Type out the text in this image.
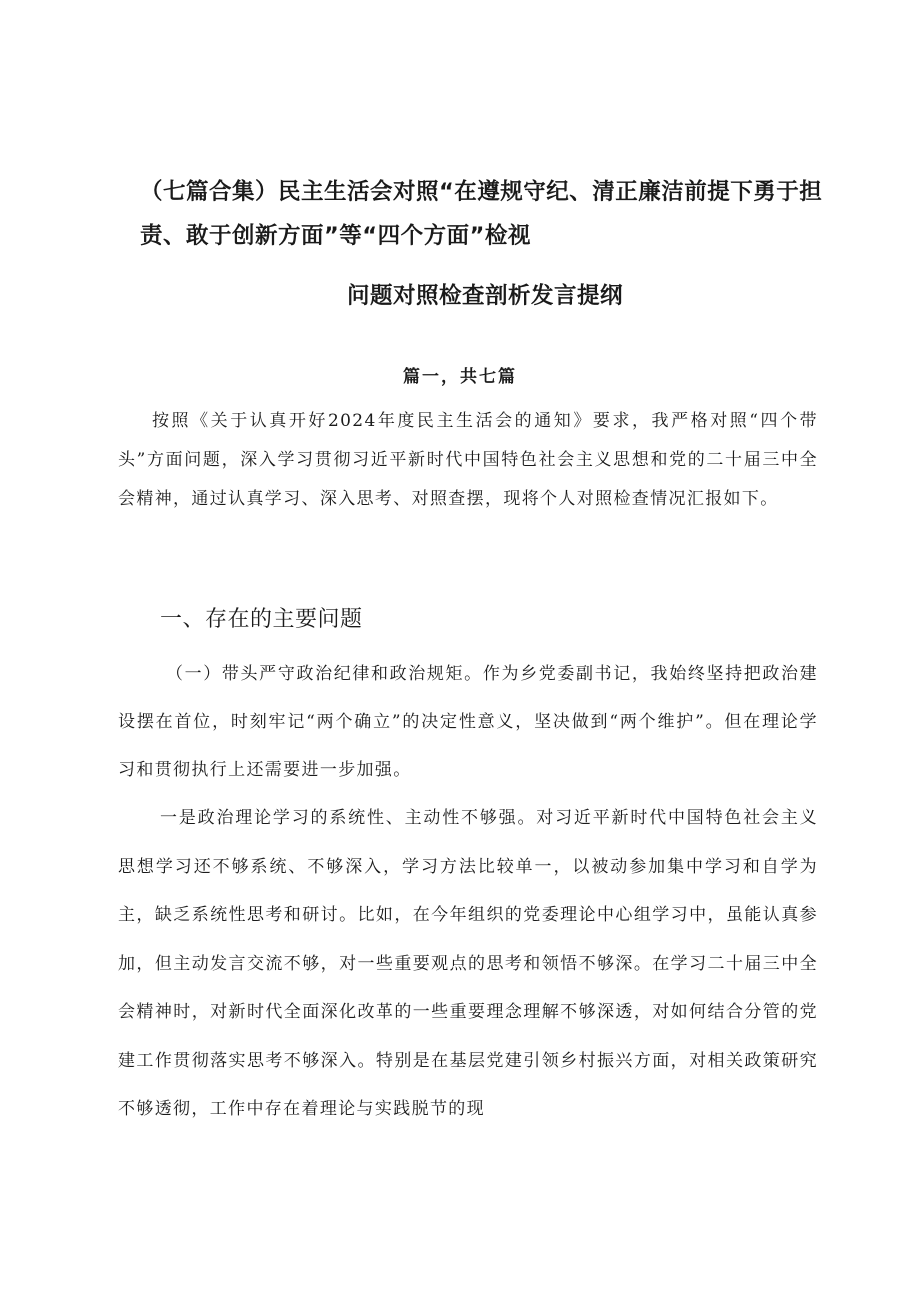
（七篇合集）民主生活会对照“在遵规守纪、清正廉洁前提下勇于担
责、敢于创新方面”等“四个方面”检视
问题对照检查剖析发言提纲
篇一，共七篇

按照《关于认真开好2024年度民主生活会的通知》要求，我严格对照“四个带头”方面问题，深入学习贯彻习近平新时代中国特色社会主义思想和党的二十届三中全会精神，通过认真学习、深入思考、对照查摆，现将个人对照检查情况汇报如下。

一、存在的主要问题

（一）带头严守政治纪律和政治规矩。作为乡党委副书记，我始终坚持把政治建设摆在首位，时刻牢记“两个确立”的决定性意义，坚决做到“两个维护”。但在理论学习和贯彻执行上还需要进一步加强。

一是政治理论学习的系统性、主动性不够强。对习近平新时代中国特色社会主义思想学习还不够系统、不够深入，学习方法比较单一，以被动参加集中学习和自学为主，缺乏系统性思考和研讨。比如，在今年组织的党委理论中心组学习中，虽能认真参加，但主动发言交流不够，对一些重要观点的思考和领悟不够深。在学习二十届三中全会精神时，对新时代全面深化改革的一些重要理念理解不够深透，对如何结合分管的党建工作贯彻落实思考不够深入。特别是在基层党建引领乡村振兴方面，对相关政策研究不够透彻，工作中存在着理论与实践脱节的现
